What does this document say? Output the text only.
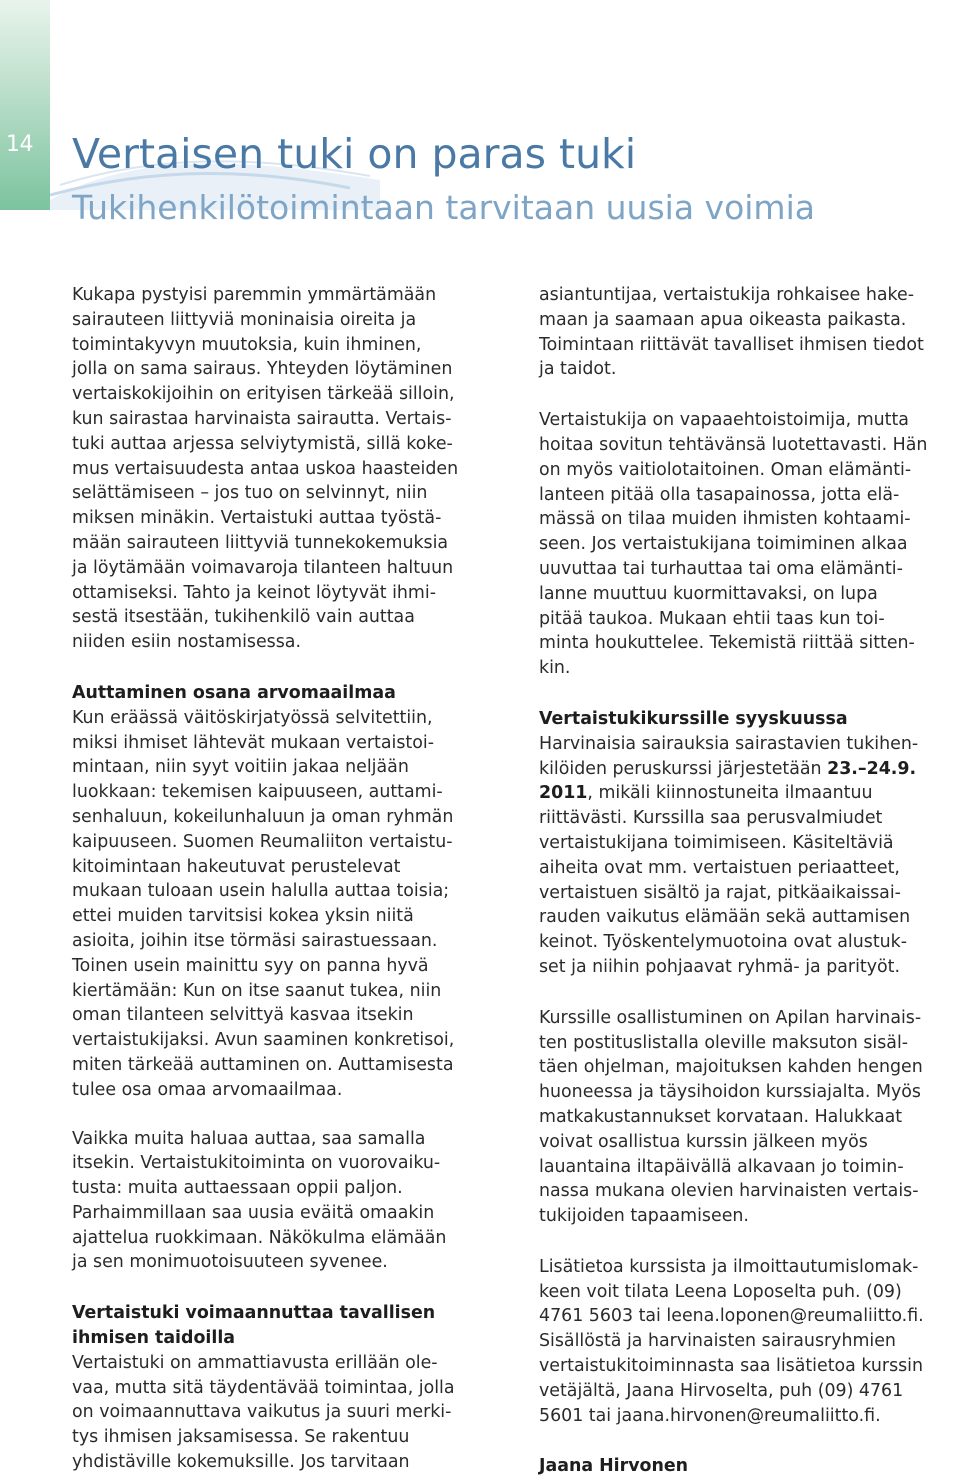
14 Vertaisen tuki on paras tuki
Tukihenkilötoimintaan tarvitaan uusia voimia

Kukapa pystyisi paremmin ymmärtämään
sairauteen liittyviä moninaisia oireita ja
toimintakyvyn muutoksia, kuin ihminen,
jolla on sama sairaus. Yhteyden löytäminen
vertaiskokijoihin on erityisen tärkeää silloin,
kun sairastaa harvinaista sairautta. Vertais-
tuki auttaa arjessa selviytymistä, sillä koke-
mus vertaisuudesta antaa uskoa haasteiden
selättämiseen – jos tuo on selvinnyt, niin
miksen minäkin. Vertaistuki auttaa työstä-
mään sairauteen liittyviä tunnekokemuksia
ja löytämään voimavaroja tilanteen haltuun
ottamiseksi. Tahto ja keinot löytyvät ihmi-
sestä itsestään, tukihenkilö vain auttaa
niiden esiin nostamisessa.

Auttaminen osana arvomaailmaa

Kun eräässä väitöskirjatyössä selvitettiin,
miksi ihmiset lähtevät mukaan vertaistoi-
mintaan, niin syyt voitiin jakaa neljään
luokkaan: tekemisen kaipuuseen, auttami-
senhaluun, kokeilunhaluun ja oman ryhmän
kaipuuseen. Suomen Reumaliiton vertaistu-
kitoimintaan hakeutuvat perustelevat
mukaan tuloaan usein halulla auttaa toisia;
ettei muiden tarvitsisi kokea yksin niitä
asioita, joihin itse törmäsi sairastuessaan.
Toinen usein mainittu syy on panna hyvä
kiertämään: Kun on itse saanut tukea, niin
oman tilanteen selvittyä kasvaa itsekin
vertaistukijaksi. Avun saaminen konkretisoi,
miten tärkeää auttaminen on. Auttamisesta
tulee osa omaa arvomaailmaa.

Vaikka muita haluaa auttaa, saa samalla
itsekin. Vertaistukitoiminta on vuorovaiku-
tusta: muita auttaessaan oppii paljon.
Parhaimmillaan saa uusia eväitä omaakin
ajattelua ruokkimaan. Näkökulma elämään
ja sen monimuotoisuuteen syvenee.

Vertaistuki voimaannuttaa tavallisen
ihmisen taidoilla

Vertaistuki on ammattiavusta erillään ole-
vaa, mutta sitä täydentävää toimintaa, jolla
on voimaannuttava vaikutus ja suuri merki-
tys ihmisen jaksamisessa. Se rakentuu
yhdistäville kokemuksille. Jos tarvitaan

asiantuntijaa, vertaistukija rohkaisee hake-
maan ja saamaan apua oikeasta paikasta.
Toimintaan riittävät tavalliset ihmisen tiedot
ja taidot.

Vertaistukija on vapaaehtoistoimija, mutta
hoitaa sovitun tehtävänsä luotettavasti. Hän
on myös vaitiolotaitoinen. Oman elämänti-
lanteen pitää olla tasapainossa, jotta elä-
mässä on tilaa muiden ihmisten kohtaami-
seen. Jos vertaistukijana toimiminen alkaa
uuvuttaa tai turhauttaa tai oma elämänti-
lanne muuttuu kuormittavaksi, on lupa
pitää taukoa. Mukaan ehtii taas kun toi-
minta houkuttelee. Tekemistä riittää sitten-
kin.

Vertaistukikurssille syyskuussa

Harvinaisia sairauksia sairastavien tukihen-
kilöiden peruskurssi järjestetään 23.–24.9.
2011, mikäli kiinnostuneita ilmaantuu
riittävästi. Kurssilla saa perusvalmiudet
vertaistukijana toimimiseen. Käsiteltäviä
aiheita ovat mm. vertaistuen periaatteet,
vertaistuen sisältö ja rajat, pitkäaikaissai-
rauden vaikutus elämään sekä auttamisen
keinot. Työskentelymuotoina ovat alustuk-
set ja niihin pohjaavat ryhmä- ja parityöt.

Kurssille osallistuminen on Apilan harvinais-
ten postituslistalla oleville maksuton sisäl-
täen ohjelman, majoituksen kahden hengen
huoneessa ja täysihoidon kurssiajalta. Myös
matkakustannukset korvataan. Halukkaat
voivat osallistua kurssin jälkeen myös
lauantaina iltapäivällä alkavaan jo toimin-
nassa mukana olevien harvinaisten vertais-
tukijoiden tapaamiseen.

Lisätietoa kurssista ja ilmoittautumislomak-
keen voit tilata Leena Loposelta puh. (09)
4761 5603 tai leena.loponen@reumaliitto.fi.
Sisällöstä ja harvinaisten sairausryhmien
vertaistukitoiminnasta saa lisätietoa kurssin
vetäjältä, Jaana Hirvoselta, puh (09) 4761
5601 tai jaana.hirvonen@reumaliitto.fi.

Jaana Hirvonen
